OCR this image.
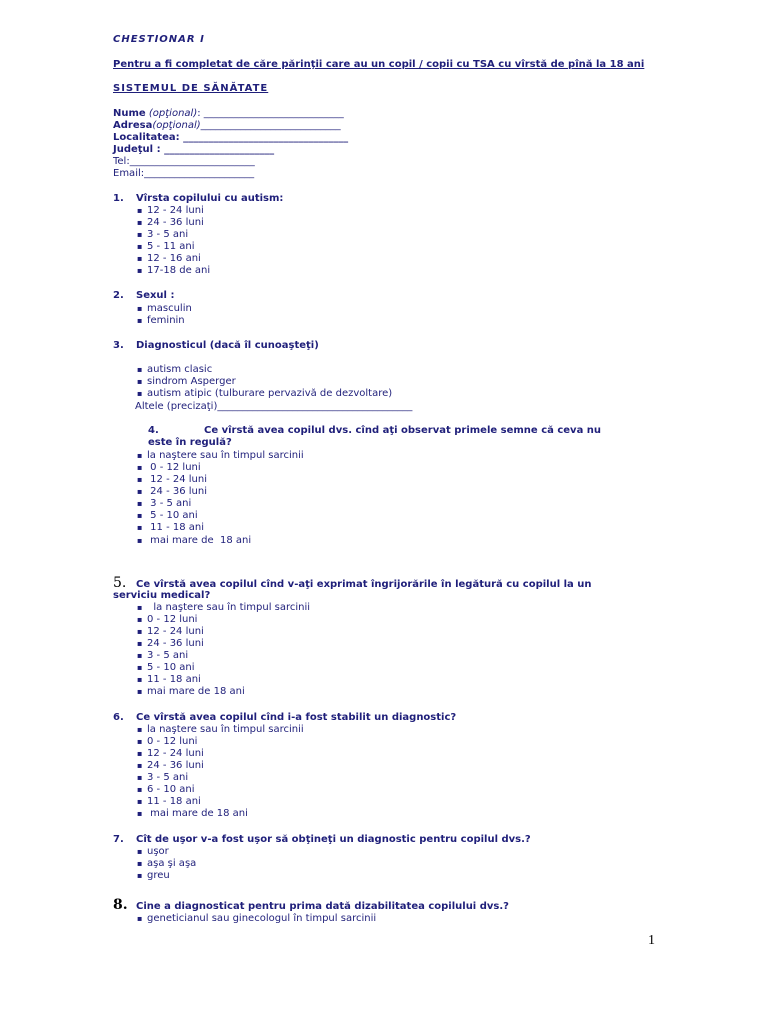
CHESTIONAR I
Pentru a fi completat de căre părinţii care au un copil / copii cu TSA cu vîrstă de pînă la 18 ani
SISTEMUL DE SĂNĂTATE
Nume (opţional): ____________________________
Adresa(opţional)____________________________
Localitatea: _________________________________
Judeţul : ______________________
Tel:_________________________
Email:______________________
1. Vîrsta copilului cu autism:
▪ 12 - 24 luni
▪ 24 - 36 luni
▪ 3 - 5 ani
▪ 5 - 11 ani
▪ 12 - 16 ani
▪ 17-18 de ani
2. Sexul :
▪ masculin
▪ feminin
3. Diagnosticul (dacă îl cunoaşteţi)
▪ autism clasic
▪ sindrom Asperger
▪ autism atipic (tulburare pervazivă de dezvoltare)
Altele (precizaţi)_______________________________________
4.	Ce vîrstă avea copilul dvs. cînd aţi observat primele semne că ceva nu
este în regulă?
▪ la naştere sau în timpul sarcinii
▪ 0 - 12 luni
▪ 12 - 24 luni
▪ 24 - 36 luni
▪ 3 - 5 ani
▪ 5 - 10 ani
▪ 11 - 18 ani
▪ mai mare de  18 ani
5. Ce vîrstă avea copilul cînd v-aţi exprimat îngrijorările în legătură cu copilul la un
serviciu medical?
▪  la naştere sau în timpul sarcinii
▪ 0 - 12 luni
▪ 12 - 24 luni
▪ 24 - 36 luni
▪ 3 - 5 ani
▪ 5 - 10 ani
▪ 11 - 18 ani
▪ mai mare de 18 ani
6. Ce vîrstă avea copilul cînd i-a fost stabilit un diagnostic?
▪ la naştere sau în timpul sarcinii
▪ 0 - 12 luni
▪ 12 - 24 luni
▪ 24 - 36 luni
▪ 3 - 5 ani
▪ 6 - 10 ani
▪ 11 - 18 ani
▪ mai mare de 18 ani
7. Cît de uşor v-a fost uşor să obţineţi un diagnostic pentru copilul dvs.?
▪ uşor
▪ aşa şi aşa
▪ greu
8. Cine a diagnosticat pentru prima dată dizabilitatea copilului dvs.?
▪ geneticianul sau ginecologul în timpul sarcinii
1
